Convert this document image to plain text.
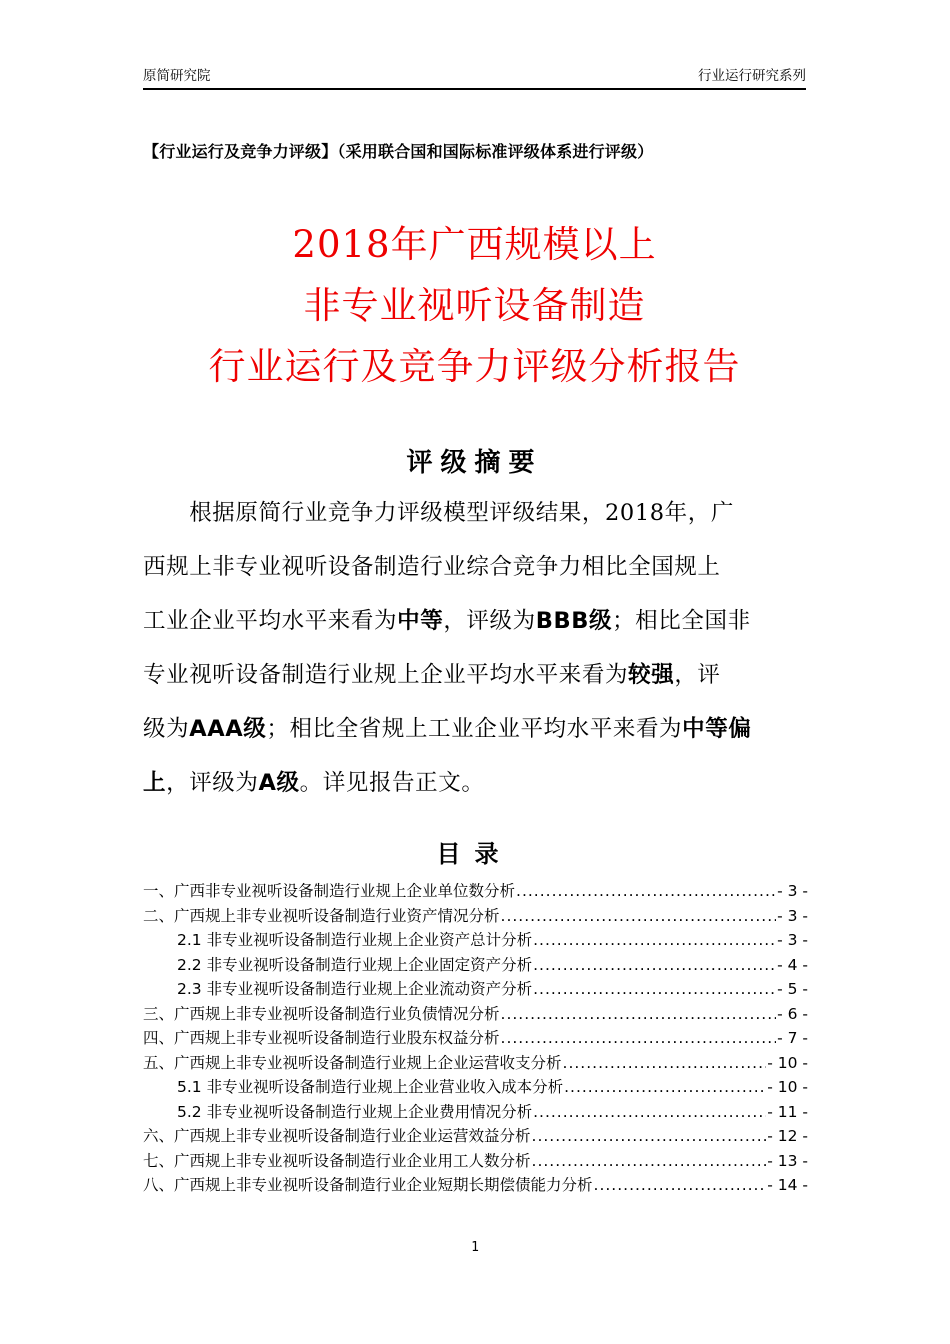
原简研究院	行业运行研究系列
【行业运行及竞争力评级】（采用联合国和国际标准评级体系进行评级）
2018年广西规模以上
非专业视听设备制造
行业运行及竞争力评级分析报告
评级摘要
　　根据原简行业竞争力评级模型评级结果，2018年，广
西规上非专业视听设备制造行业综合竞争力相比全国规上
工业企业平均水平来看为中等，评级为BBB级；相比全国非
专业视听设备制造行业规上企业平均水平来看为较强，评
级为AAA级；相比全省规上工业企业平均水平来看为中等偏
上，评级为A级。详见报告正文。
目录
一、广西非专业视听设备制造行业规上企业单位数分析 .....	- 3 -
二、广西规上非专业视听设备制造行业资产情况分析 .....	- 3 -
2.1 非专业视听设备制造行业规上企业资产总计分析 .....	- 3 -
2.2 非专业视听设备制造行业规上企业固定资产分析 .....	- 4 -
2.3 非专业视听设备制造行业规上企业流动资产分析 .....	- 5 -
三、广西规上非专业视听设备制造行业负债情况分析 .....	- 6 -
四、广西规上非专业视听设备制造行业股东权益分析 .....	- 7 -
五、广西规上非专业视听设备制造行业规上企业运营收支分析 .....	- 10 -
5.1 非专业视听设备制造行业规上企业营业收入成本分析 .....	- 10 -
5.2 非专业视听设备制造行业规上企业费用情况分析 .....	- 11 -
六、广西规上非专业视听设备制造行业企业运营效益分析 .....	- 12 -
七、广西规上非专业视听设备制造行业企业用工人数分析 .....	- 13 -
八、广西规上非专业视听设备制造行业企业短期长期偿债能力分析 .....	- 14 -
1
